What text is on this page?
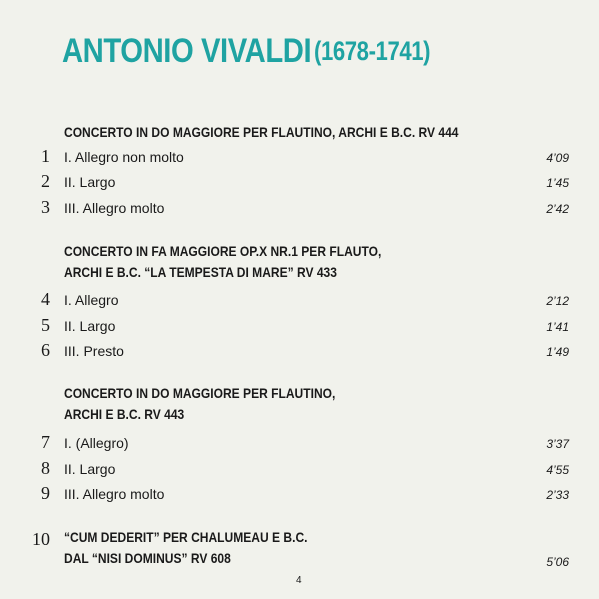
ANTONIO VIVALDI (1678-1741)
CONCERTO IN DO MAGGIORE PER FLAUTINO, ARCHI E B.C. RV 444
1 I. Allegro non molto	4’09
2 II. Largo	1’45
3 III. Allegro molto	2’42
CONCERTO IN FA MAGGIORE OP.X NR.1 PER FLAUTO,
ARCHI E B.C. “LA TEMPESTA DI MARE” RV 433
4 I. Allegro	2’12
5 II. Largo	1’41
6 III. Presto	1’49
CONCERTO IN DO MAGGIORE PER FLAUTINO,
ARCHI E B.C. RV 443
7 I. (Allegro)	3’37
8 II. Largo	4’55
9 III. Allegro molto	2’33
10 “CUM DEDERIT” PER CHALUMEAU E B.C.
DAL “NISI DOMINUS” RV 608	5’06
4
